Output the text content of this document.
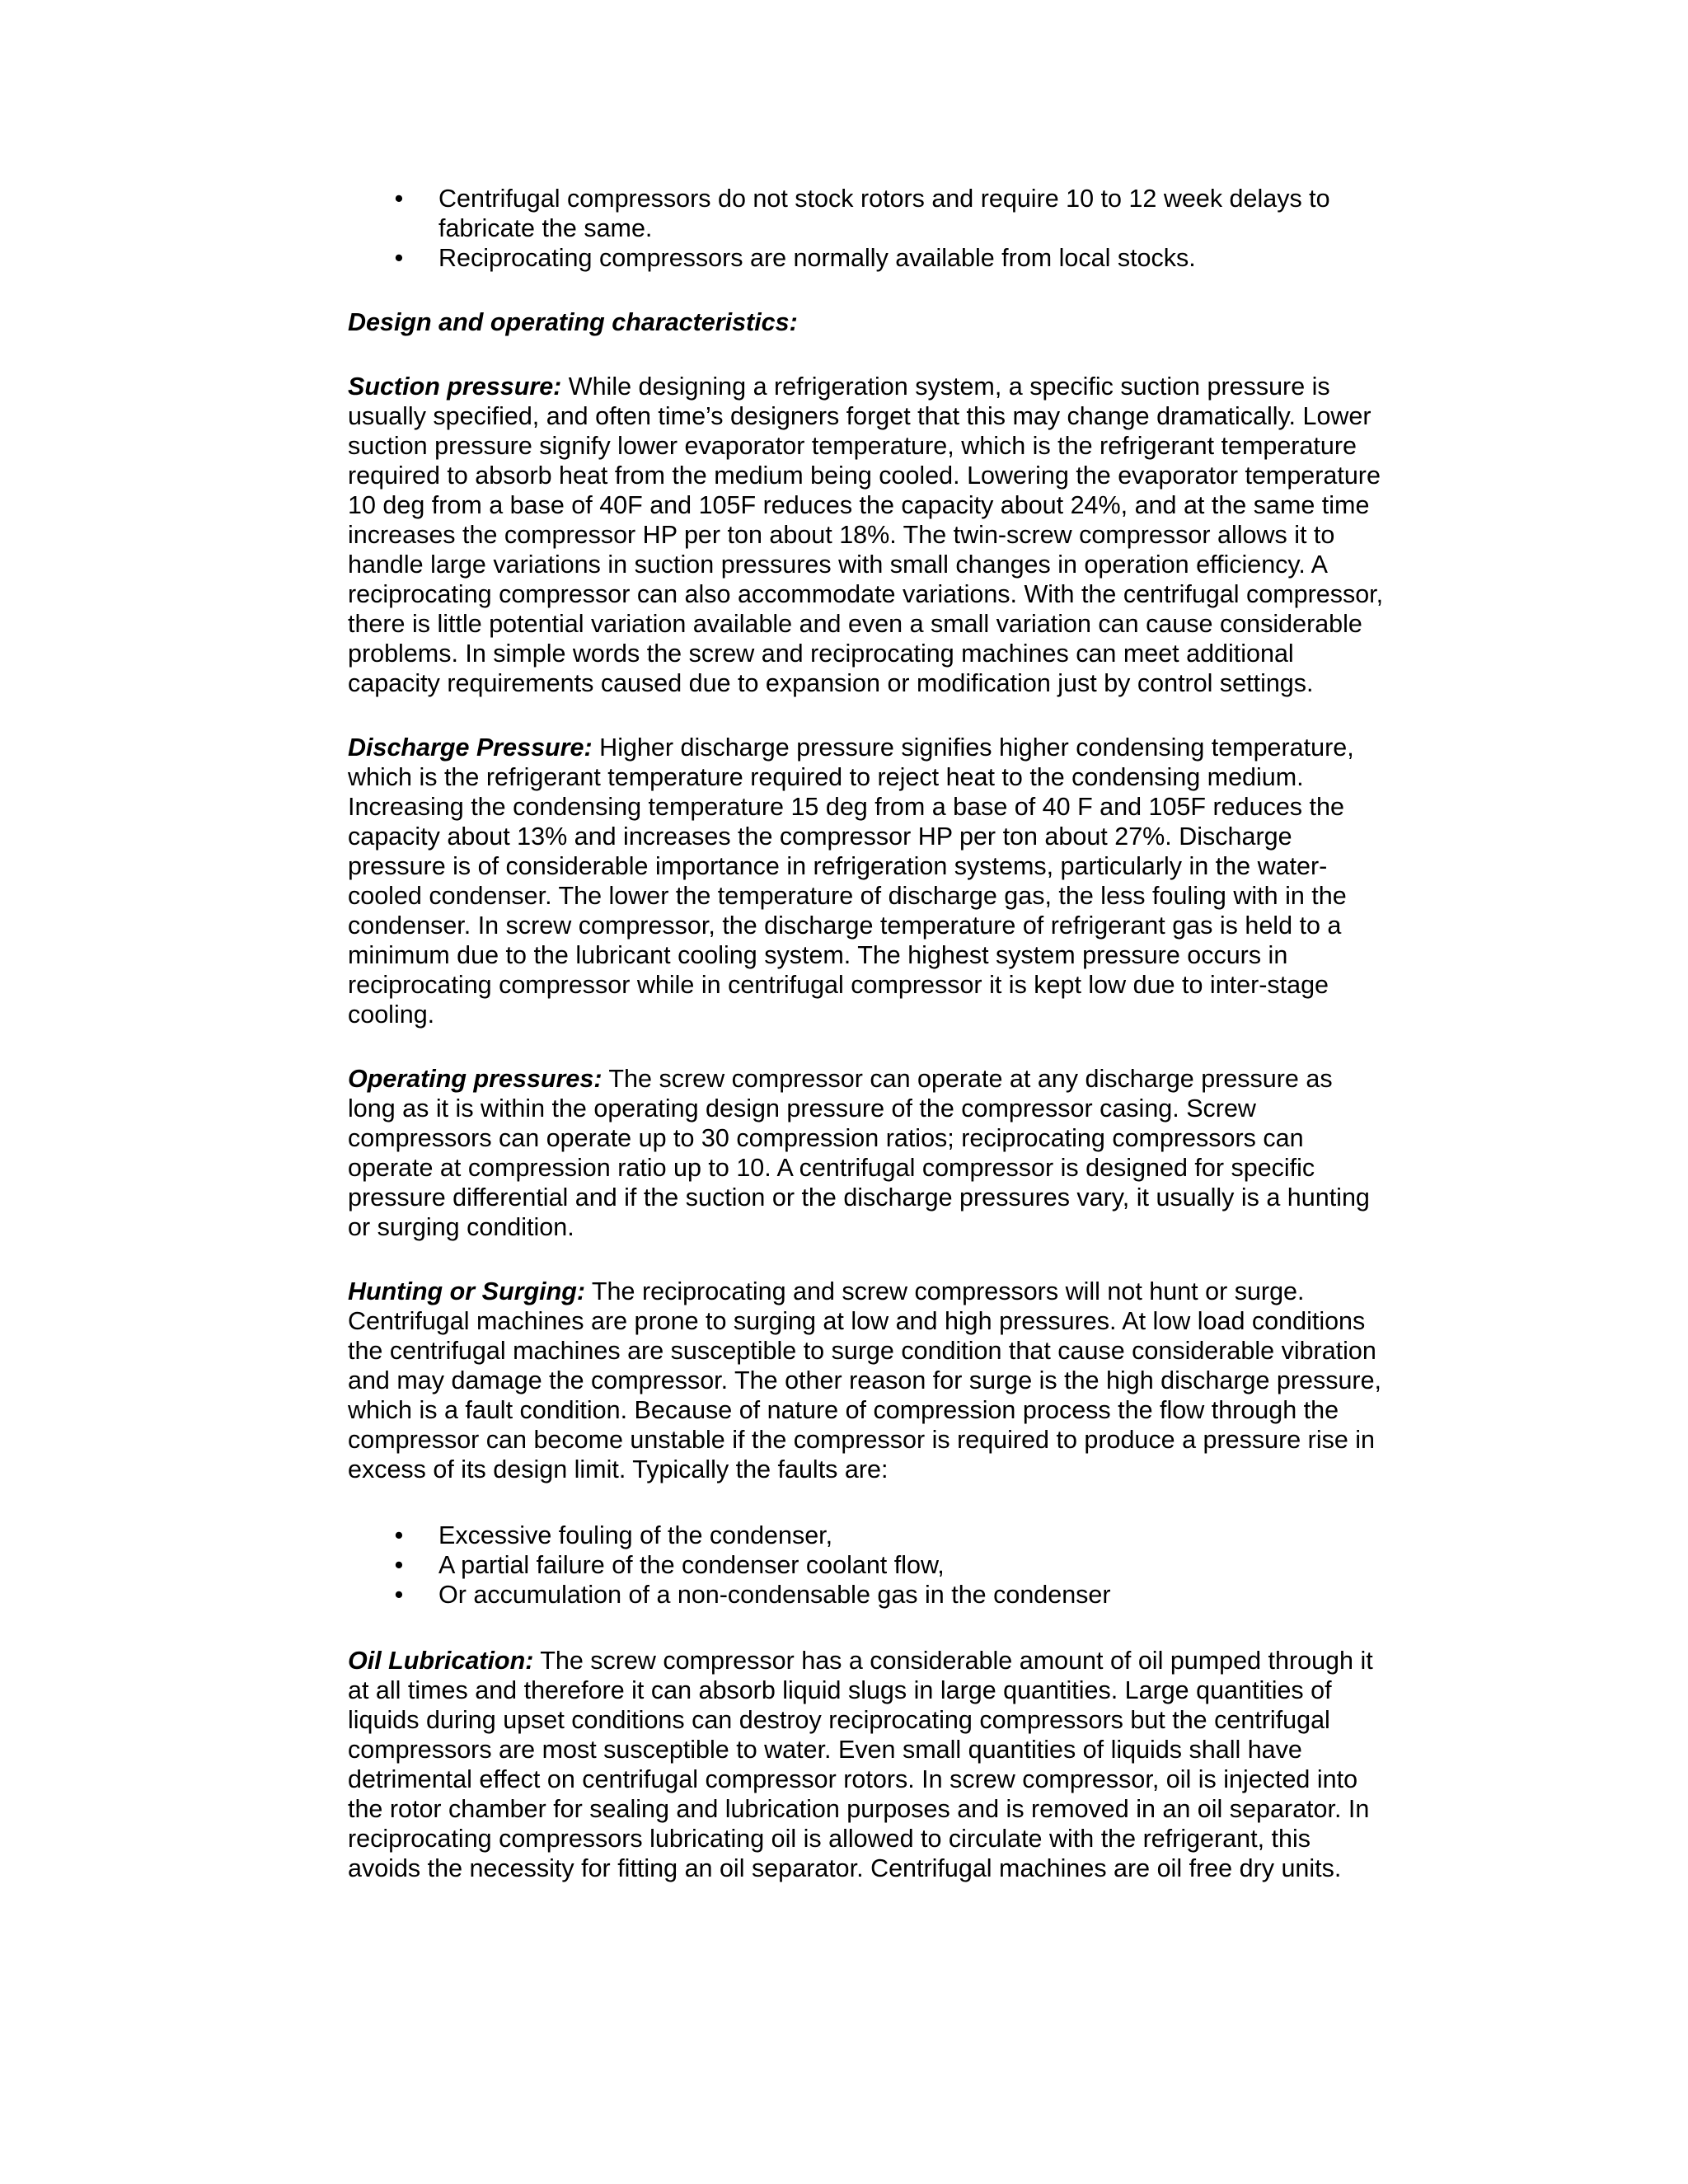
• Centrifugal compressors do not stock rotors and require 10 to 12 week delays to fabricate the same.
• Reciprocating compressors are normally available from local stocks.
Design and operating characteristics:

Suction pressure: While designing a refrigeration system, a specific suction pressure is usually specified, and often time’s designers forget that this may change dramatically. Lower suction pressure signify lower evaporator temperature, which is the refrigerant temperature required to absorb heat from the medium being cooled. Lowering the evaporator temperature 10 deg from a base of 40F and 105F reduces the capacity about 24%, and at the same time increases the compressor HP per ton about 18%. The twin-screw compressor allows it to handle large variations in suction pressures with small changes in operation efficiency. A reciprocating compressor can also accommodate variations. With the centrifugal compressor, there is little potential variation available and even a small variation can cause considerable problems. In simple words the screw and reciprocating machines can meet additional capacity requirements caused due to expansion or modification just by control settings.

Discharge Pressure: Higher discharge pressure signifies higher condensing temperature, which is the refrigerant temperature required to reject heat to the condensing medium. Increasing the condensing temperature 15 deg from a base of 40 F and 105F reduces the capacity about 13% and increases the compressor HP per ton about 27%. Discharge pressure is of considerable importance in refrigeration systems, particularly in the water-cooled condenser. The lower the temperature of discharge gas, the less fouling with in the condenser. In screw compressor, the discharge temperature of refrigerant gas is held to a minimum due to the lubricant cooling system. The highest system pressure occurs in reciprocating compressor while in centrifugal compressor it is kept low due to inter-stage cooling.

Operating pressures: The screw compressor can operate at any discharge pressure as long as it is within the operating design pressure of the compressor casing. Screw compressors can operate up to 30 compression ratios; reciprocating compressors can operate at compression ratio up to 10. A centrifugal compressor is designed for specific pressure differential and if the suction or the discharge pressures vary, it usually is a hunting or surging condition.

Hunting or Surging: The reciprocating and screw compressors will not hunt or surge. Centrifugal machines are prone to surging at low and high pressures. At low load conditions the centrifugal machines are susceptible to surge condition that cause considerable vibration and may damage the compressor. The other reason for surge is the high discharge pressure, which is a fault condition. Because of nature of compression process the flow through the compressor can become unstable if the compressor is required to produce a pressure rise in excess of its design limit. Typically the faults are:

• Excessive fouling of the condenser,
• A partial failure of the condenser coolant flow,
• Or accumulation of a non-condensable gas in the condenser

Oil Lubrication: The screw compressor has a considerable amount of oil pumped through it at all times and therefore it can absorb liquid slugs in large quantities. Large quantities of liquids during upset conditions can destroy reciprocating compressors but the centrifugal compressors are most susceptible to water. Even small quantities of liquids shall have detrimental effect on centrifugal compressor rotors. In screw compressor, oil is injected into the rotor chamber for sealing and lubrication purposes and is removed in an oil separator. In reciprocating compressors lubricating oil is allowed to circulate with the refrigerant, this avoids the necessity for fitting an oil separator. Centrifugal machines are oil free dry units.
